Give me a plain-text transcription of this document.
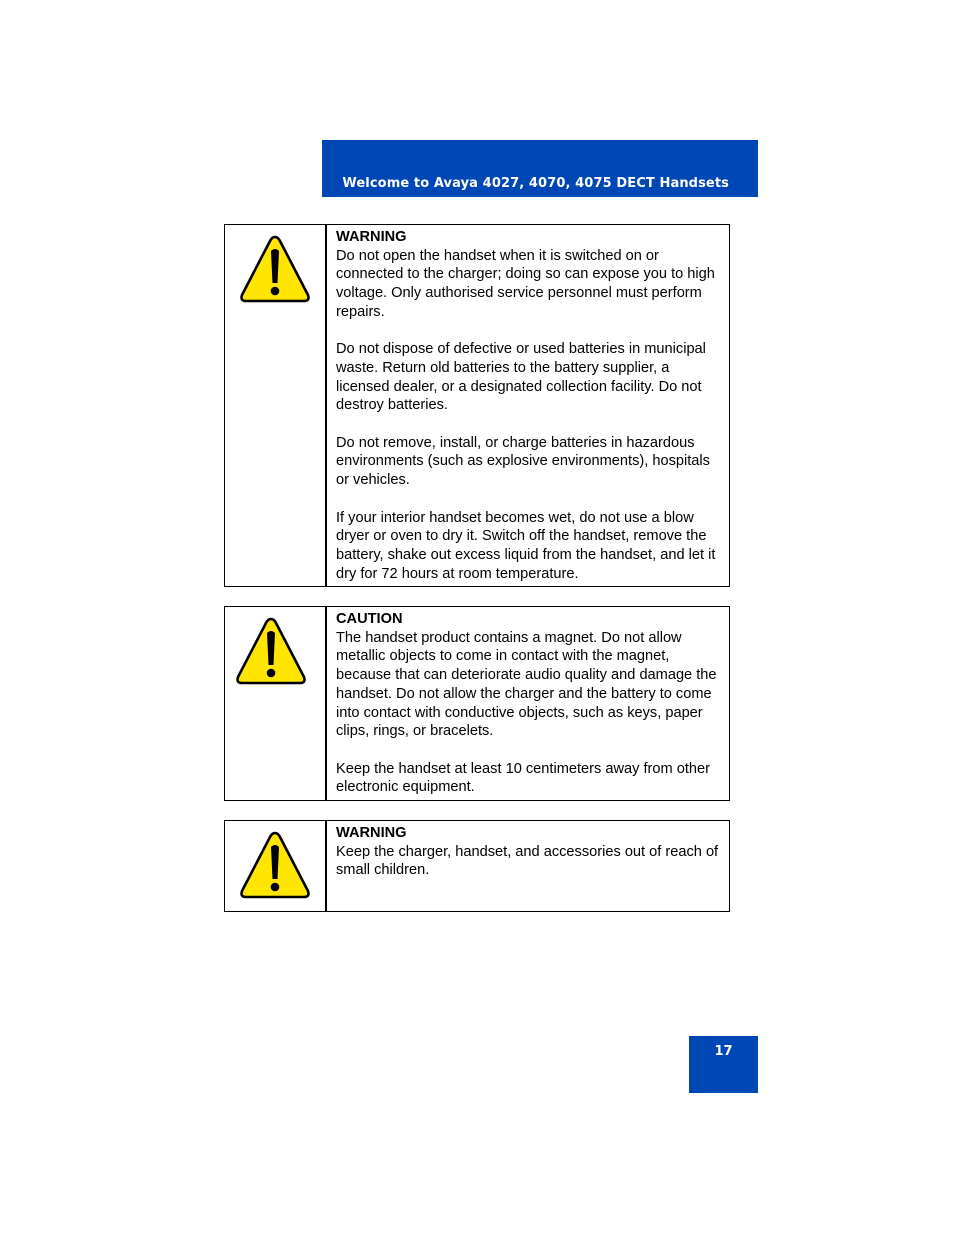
Welcome to Avaya 4027, 4070, 4075 DECT Handsets
WARNING

Do not open the handset when it is switched on or connected to the charger; doing so can expose you to high voltage. Only authorised service personnel must perform repairs.

Do not dispose of defective or used batteries in municipal waste. Return old batteries to the battery supplier, a licensed dealer, or a designated collection facility. Do not destroy batteries.

Do not remove, install, or charge batteries in hazardous environments (such as explosive environments), hospitals or vehicles.

If your interior handset becomes wet, do not use a blow dryer or oven to dry it. Switch off the handset, remove the battery, shake out excess liquid from the handset, and let it dry for 72 hours at room temperature.

CAUTION

The handset product contains a magnet. Do not allow metallic objects to come in contact with the magnet, because that can deteriorate audio quality and damage the handset. Do not allow the charger and the battery to come into contact with conductive objects, such as keys, paper clips, rings, or bracelets.

Keep the handset at least 10 centimeters away from other electronic equipment.

WARNING

Keep the charger, handset, and accessories out of reach of small children.

17
